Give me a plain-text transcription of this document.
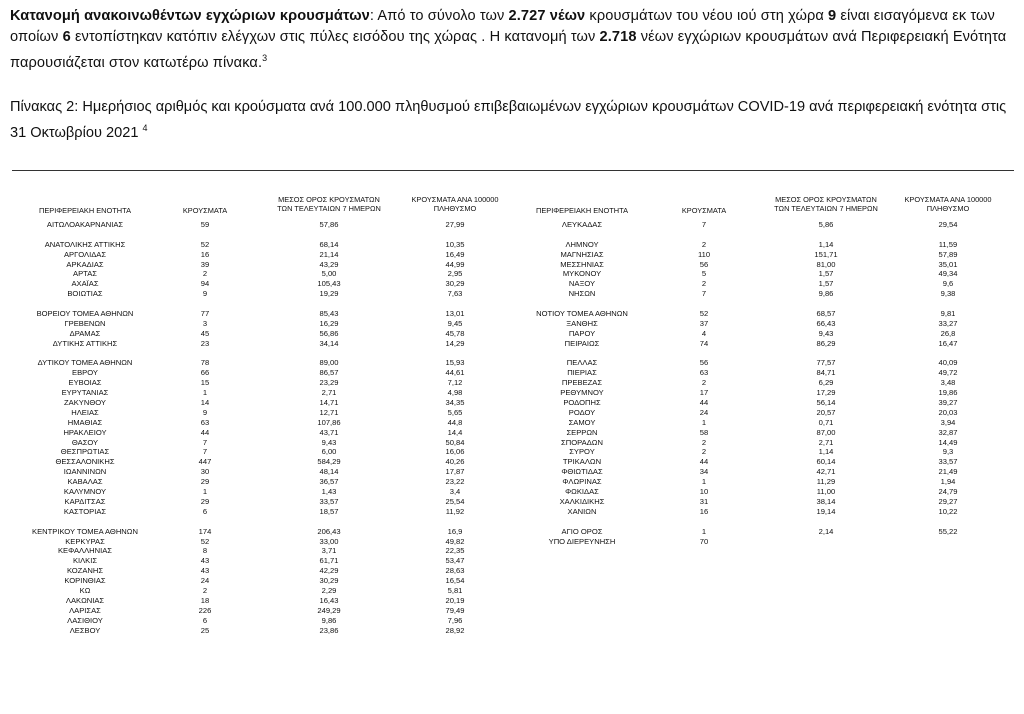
Κατανομή ανακοινωθέντων εγχώριων κρουσμάτων: Από το σύνολο των 2.727 νέων κρουσμάτων του νέου ιού στη χώρα 9 είναι εισαγόμενα εκ των οποίων 6 εντοπίστηκαν κατόπιν ελέγχων στις πύλες εισόδου της χώρας . Η κατανομή των 2.718 νέων εγχώριων κρουσμάτων ανά Περιφερειακή Ενότητα παρουσιάζεται στον κατωτέρω πίνακα.$^3$
Πίνακας 2: Ημερήσιος αριθμός και κρούσματα ανά 100.000 πληθυσμού επιβεβαιωμένων εγχώριων κρουσμάτων COVID-19 ανά περιφερειακή ενότητα στις 31 Οκτωβρίου 2021 $^4$
ΠΕΡΙΦΕΡΕΙΑΚΗ ΕΝΟΤΗΤΑ	ΚΡΟΥΣΜΑΤΑ
ΜΕΣΟΣ ΟΡΟΣ ΚΡΟΥΣΜΑΤΩΝ
ΤΩΝ ΤΕΛΕΥΤΑΙΩΝ 7 ΗΜΕΡΩΝ
ΚΡΟΥΣΜΑΤΑ ΑΝΑ 100000
ΠΛΗΘΥΣΜΟ	ΠΕΡΙΦΕΡΕΙΑΚΗ ΕΝΟΤΗΤΑ	ΚΡΟΥΣΜΑΤΑ
ΜΕΣΟΣ ΟΡΟΣ ΚΡΟΥΣΜΑΤΩΝ
ΤΩΝ ΤΕΛΕΥΤΑΙΩΝ 7 ΗΜΕΡΩΝ
ΚΡΟΥΣΜΑΤΑ ΑΝΑ 100000
ΠΛΗΘΥΣΜΟ
ΑΙΤΩΛΟΑΚΑΡΝΑΝΙΑΣ	59	57,86	27,99
ΑΝΑΤΟΛΙΚΗΣ ΑΤΤΙΚΗΣ	52	68,14	10,35
ΑΡΓΟΛΙΔΑΣ	16	21,14	16,49
ΑΡΚΑΔΙΑΣ	39	43,29	44,99
ΑΡΤΑΣ	2	5,00	2,95
ΑΧΑΪΑΣ	94	105,43	30,29
ΒΟΙΩΤΙΑΣ	9	19,29	7,63
ΒΟΡΕΙΟΥ ΤΟΜΕΑ ΑΘΗΝΩΝ	77	85,43	13,01
ΓΡΕΒΕΝΩΝ	3	16,29	9,45
ΔΡΑΜΑΣ	45	56,86	45,78
ΔΥΤΙΚΗΣ ΑΤΤΙΚΗΣ	23	34,14	14,29
ΔΥΤΙΚΟΥ ΤΟΜΕΑ ΑΘΗΝΩΝ	78	89,00	15,93
ΕΒΡΟΥ	66	86,57	44,61
ΕΥΒΟΙΑΣ	15	23,29	7,12
ΕΥΡΥΤΑΝΙΑΣ	1	2,71	4,98
ΖΑΚΥΝΘΟΥ	14	14,71	34,35
ΗΛΕΙΑΣ	9	12,71	5,65
ΗΜΑΘΙΑΣ	63	107,86	44,8
ΗΡΑΚΛΕΙΟΥ	44	43,71	14,4
ΘΑΣΟΥ	7	9,43	50,84
ΘΕΣΠΡΩΤΙΑΣ	7	6,00	16,06
ΘΕΣΣΑΛΟΝΙΚΗΣ	447	584,29	40,26
ΙΩΑΝΝΙΝΩΝ	30	48,14	17,87
ΚΑΒΑΛΑΣ	29	36,57	23,22
ΚΑΛΥΜΝΟΥ	1	1,43	3,4
ΚΑΡΔΙΤΣΑΣ	29	33,57	25,54
ΚΑΣΤΟΡΙΑΣ	6	18,57	11,92
ΚΕΝΤΡΙΚΟΥ ΤΟΜΕΑ ΑΘΗΝΩΝ	174	206,43	16,9
ΚΕΡΚΥΡΑΣ	52	33,00	49,82
ΚΕΦΑΛΛΗΝΙΑΣ	8	3,71	22,35
ΚΙΛΚΙΣ	43	61,71	53,47
ΚΟΖΑΝΗΣ	43	42,29	28,63
ΚΟΡΙΝΘΙΑΣ	24	30,29	16,54
ΚΩ	2	2,29	5,81
ΛΑΚΩΝΙΑΣ	18	16,43	20,19
ΛΑΡΙΣΑΣ	226	249,29	79,49
ΛΑΣΙΘΙΟΥ	6	9,86	7,96
ΛΕΣΒΟΥ	25	23,86	28,92
ΛΕΥΚΑΔΑΣ	7	5,86	29,54
ΛΗΜΝΟΥ	2	1,14	11,59
ΜΑΓΝΗΣΙΑΣ	110	151,71	57,89
ΜΕΣΣΗΝΙΑΣ	56	81,00	35,01
ΜΥΚΟΝΟΥ	5	1,57	49,34
ΝΑΞΟΥ	2	1,57	9,6
ΝΗΣΩΝ	7	9,86	9,38
ΝΟΤΙΟΥ ΤΟΜΕΑ ΑΘΗΝΩΝ	52	68,57	9,81
ΞΑΝΘΗΣ	37	66,43	33,27
ΠΑΡΟΥ	4	9,43	26,8
ΠΕΙΡΑΙΩΣ	74	86,29	16,47
ΠΕΛΛΑΣ	56	77,57	40,09
ΠΙΕΡΙΑΣ	63	84,71	49,72
ΠΡΕΒΕΖΑΣ	2	6,29	3,48
ΡΕΘΥΜΝΟΥ	17	17,29	19,86
ΡΟΔΟΠΗΣ	44	56,14	39,27
ΡΟΔΟΥ	24	20,57	20,03
ΣΑΜΟΥ	1	0,71	3,94
ΣΕΡΡΩΝ	58	87,00	32,87
ΣΠΟΡΑΔΩΝ	2	2,71	14,49
ΣΥΡΟΥ	2	1,14	9,3
ΤΡΙΚΑΛΩΝ	44	60,14	33,57
ΦΘΙΩΤΙΔΑΣ	34	42,71	21,49
ΦΛΩΡΙΝΑΣ	1	11,29	1,94
ΦΩΚΙΔΑΣ	10	11,00	24,79
ΧΑΛΚΙΔΙΚΗΣ	31	38,14	29,27
ΧΑΝΙΩΝ	16	19,14	10,22
ΑΓΙΟ ΟΡΟΣ	1	2,14	55,22
ΥΠΟ ΔΙΕΡΕΥΝΗΣΗ	70
